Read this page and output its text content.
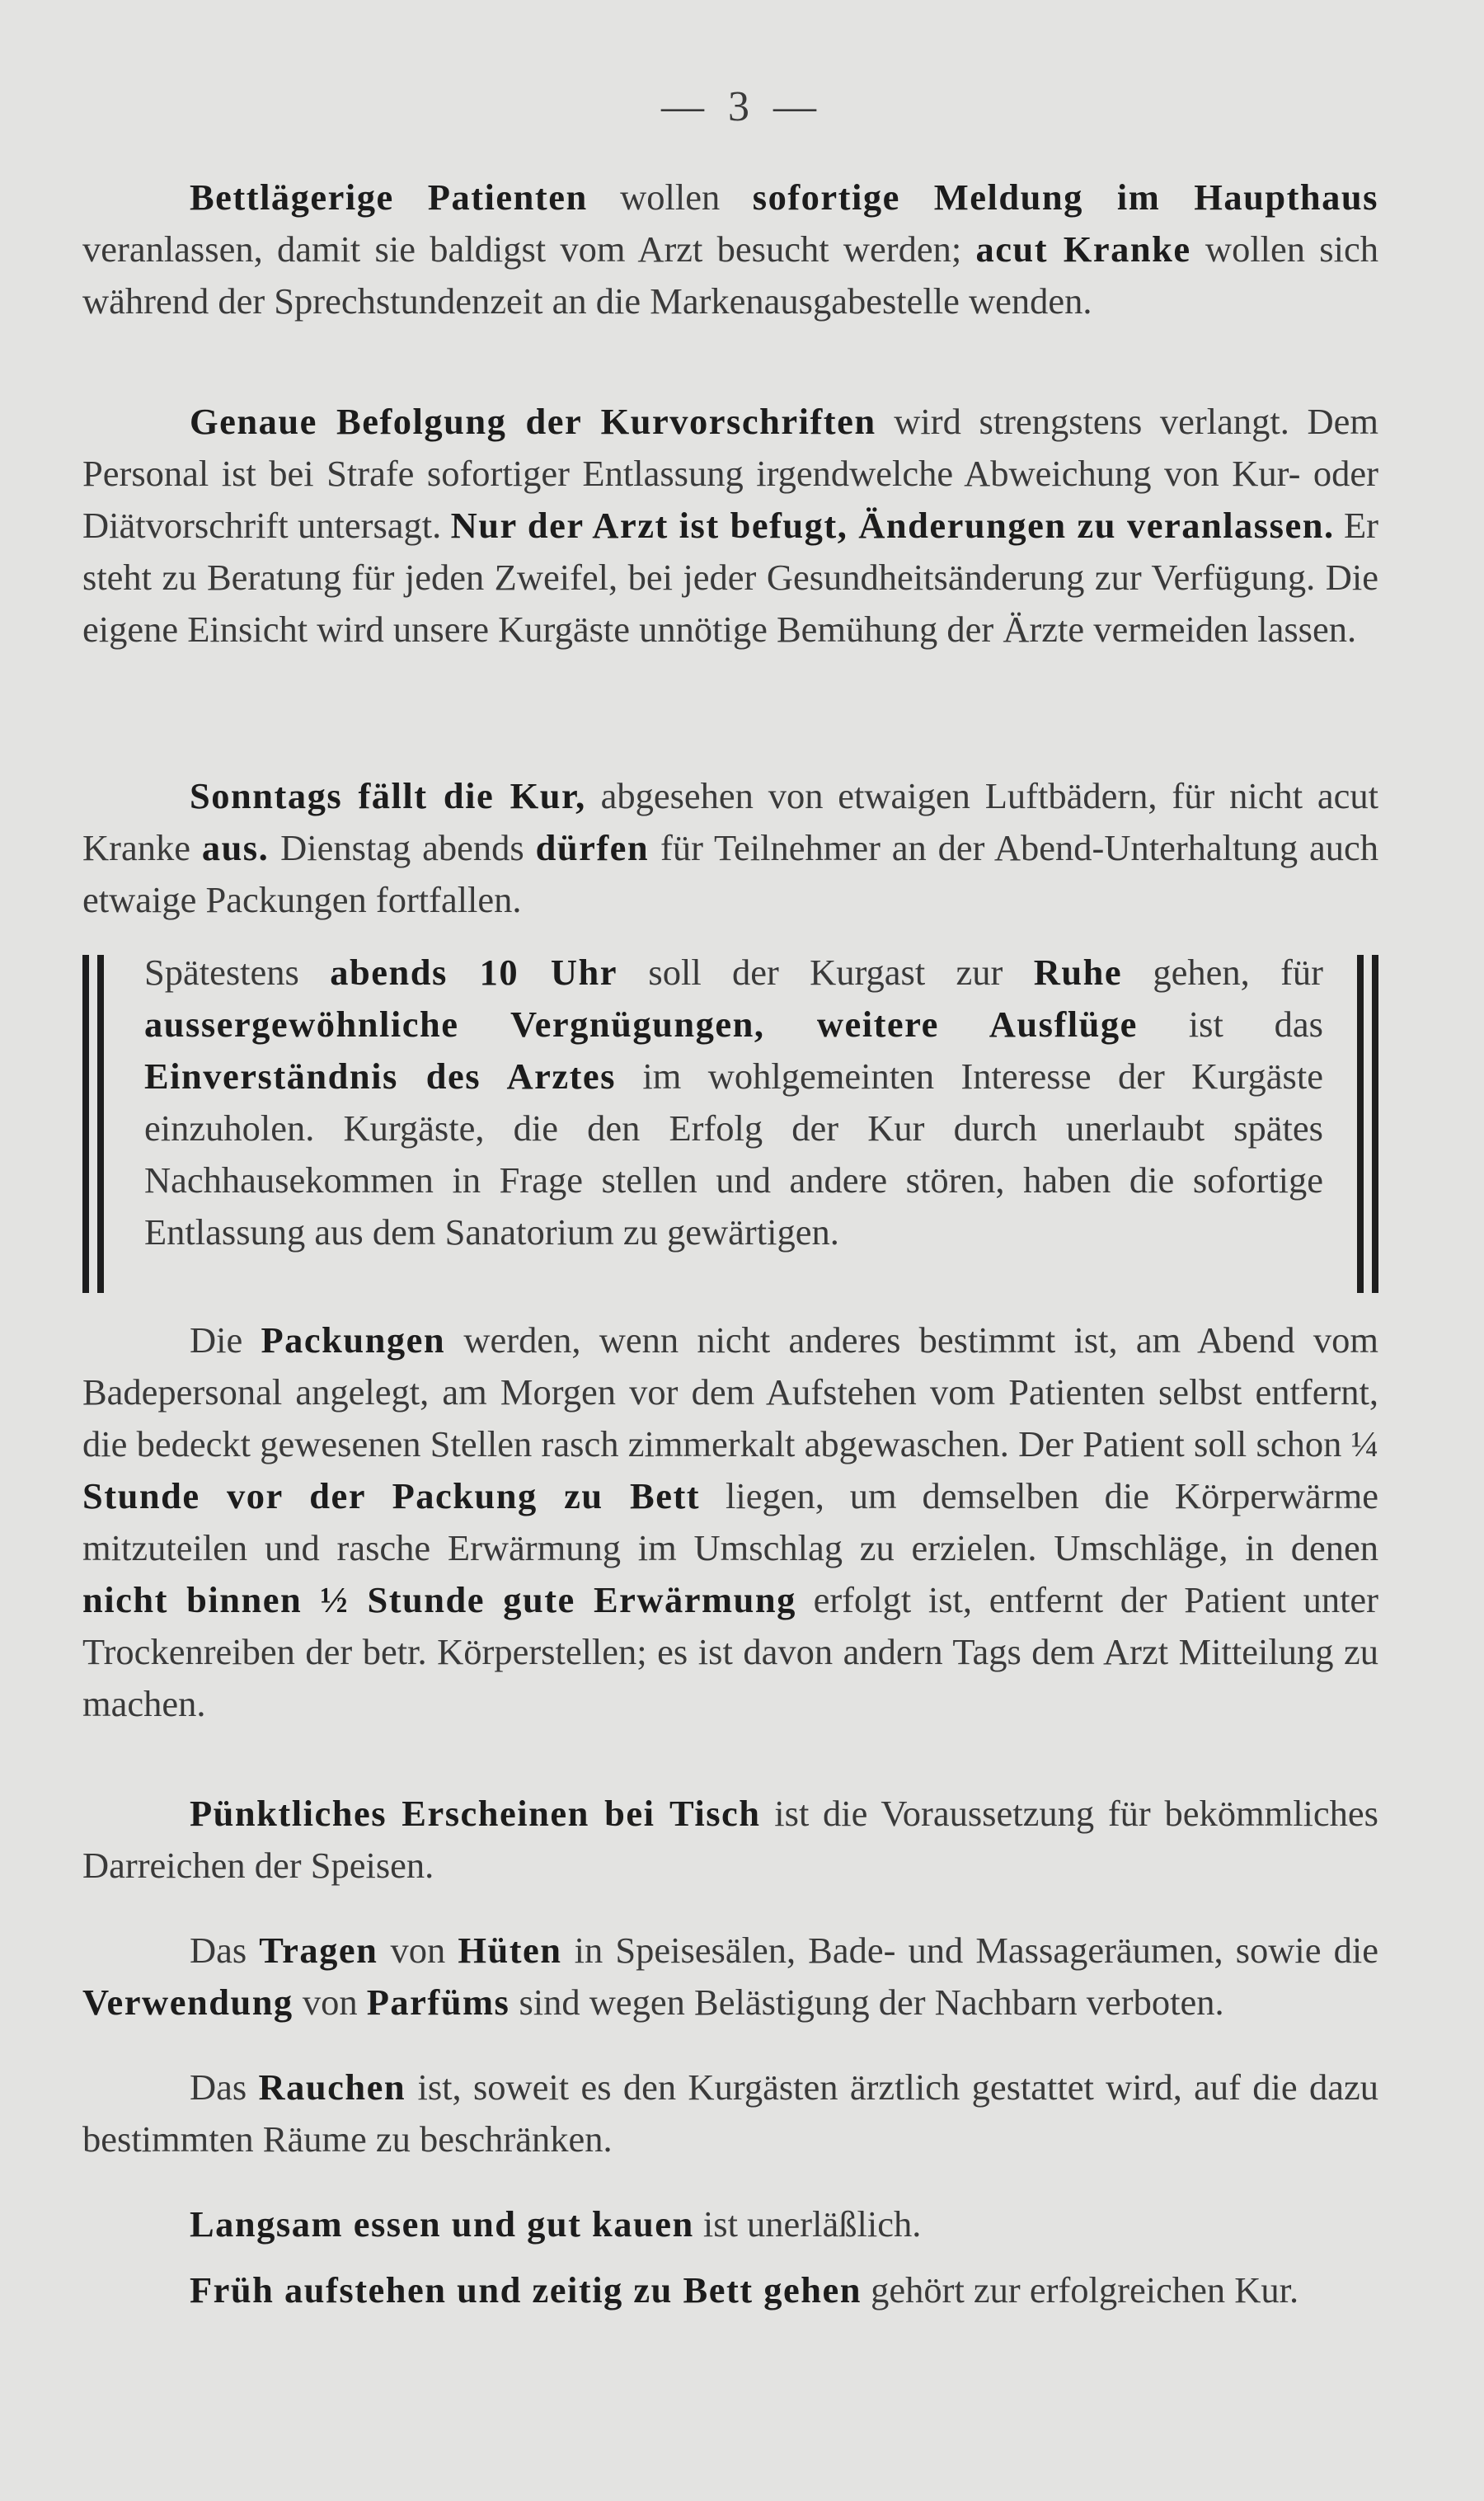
— 3 —

Bettlägerige Patienten wollen sofortige Meldung im Haupthaus veranlassen, damit sie baldigst vom Arzt besucht werden; acut Kranke wollen sich während der Sprechstundenzeit an die Markenausgabestelle wenden.

Genaue Befolgung der Kurvorschriften wird strengstens verlangt. Dem Personal ist bei Strafe sofortiger Entlassung irgendwelche Abweichung von Kur- oder Diätvorschrift untersagt. Nur der Arzt ist befugt, Änderungen zu veranlassen. Er steht zu Beratung für jeden Zweifel, bei jeder Gesundheitsänderung zur Verfügung. Die eigene Einsicht wird unsere Kurgäste unnötige Bemühung der Ärzte vermeiden lassen.

Sonntags fällt die Kur, abgesehen von etwaigen Luftbädern, für nicht acut Kranke aus. Dienstag abends dürfen für Teilnehmer an der Abend-Unterhaltung auch etwaige Packungen fortfallen.

Spätestens abends 10 Uhr soll der Kurgast zur Ruhe gehen, für aussergewöhnliche Vergnügungen, weitere Ausflüge ist das Einverständnis des Arztes im wohlgemeinten Interesse der Kurgäste einzuholen. Kurgäste, die den Erfolg der Kur durch unerlaubt spätes Nachhausekommen in Frage stellen und andere stören, haben die sofortige Entlassung aus dem Sanatorium zu gewärtigen.

Die Packungen werden, wenn nicht anderes bestimmt ist, am Abend vom Badepersonal angelegt, am Morgen vor dem Aufstehen vom Patienten selbst entfernt, die bedeckt gewesenen Stellen rasch zimmerkalt abgewaschen. Der Patient soll schon ¼ Stunde vor der Packung zu Bett liegen, um demselben die Körperwärme mitzuteilen und rasche Erwärmung im Umschlag zu erzielen. Umschläge, in denen nicht binnen ½ Stunde gute Erwärmung erfolgt ist, entfernt der Patient unter Trockenreiben der betr. Körperstellen; es ist davon andern Tags dem Arzt Mitteilung zu machen.

Pünktliches Erscheinen bei Tisch ist die Voraussetzung für bekömmliches Darreichen der Speisen.

Das Tragen von Hüten in Speisesälen, Bade- und Massageräumen, sowie die Verwendung von Parfüms sind wegen Belästigung der Nachbarn verboten.

Das Rauchen ist, soweit es den Kurgästen ärztlich gestattet wird, auf die dazu bestimmten Räume zu beschränken.

Langsam essen und gut kauen ist unerläßlich.

Früh aufstehen und zeitig zu Bett gehen gehört zur erfolgreichen Kur.
